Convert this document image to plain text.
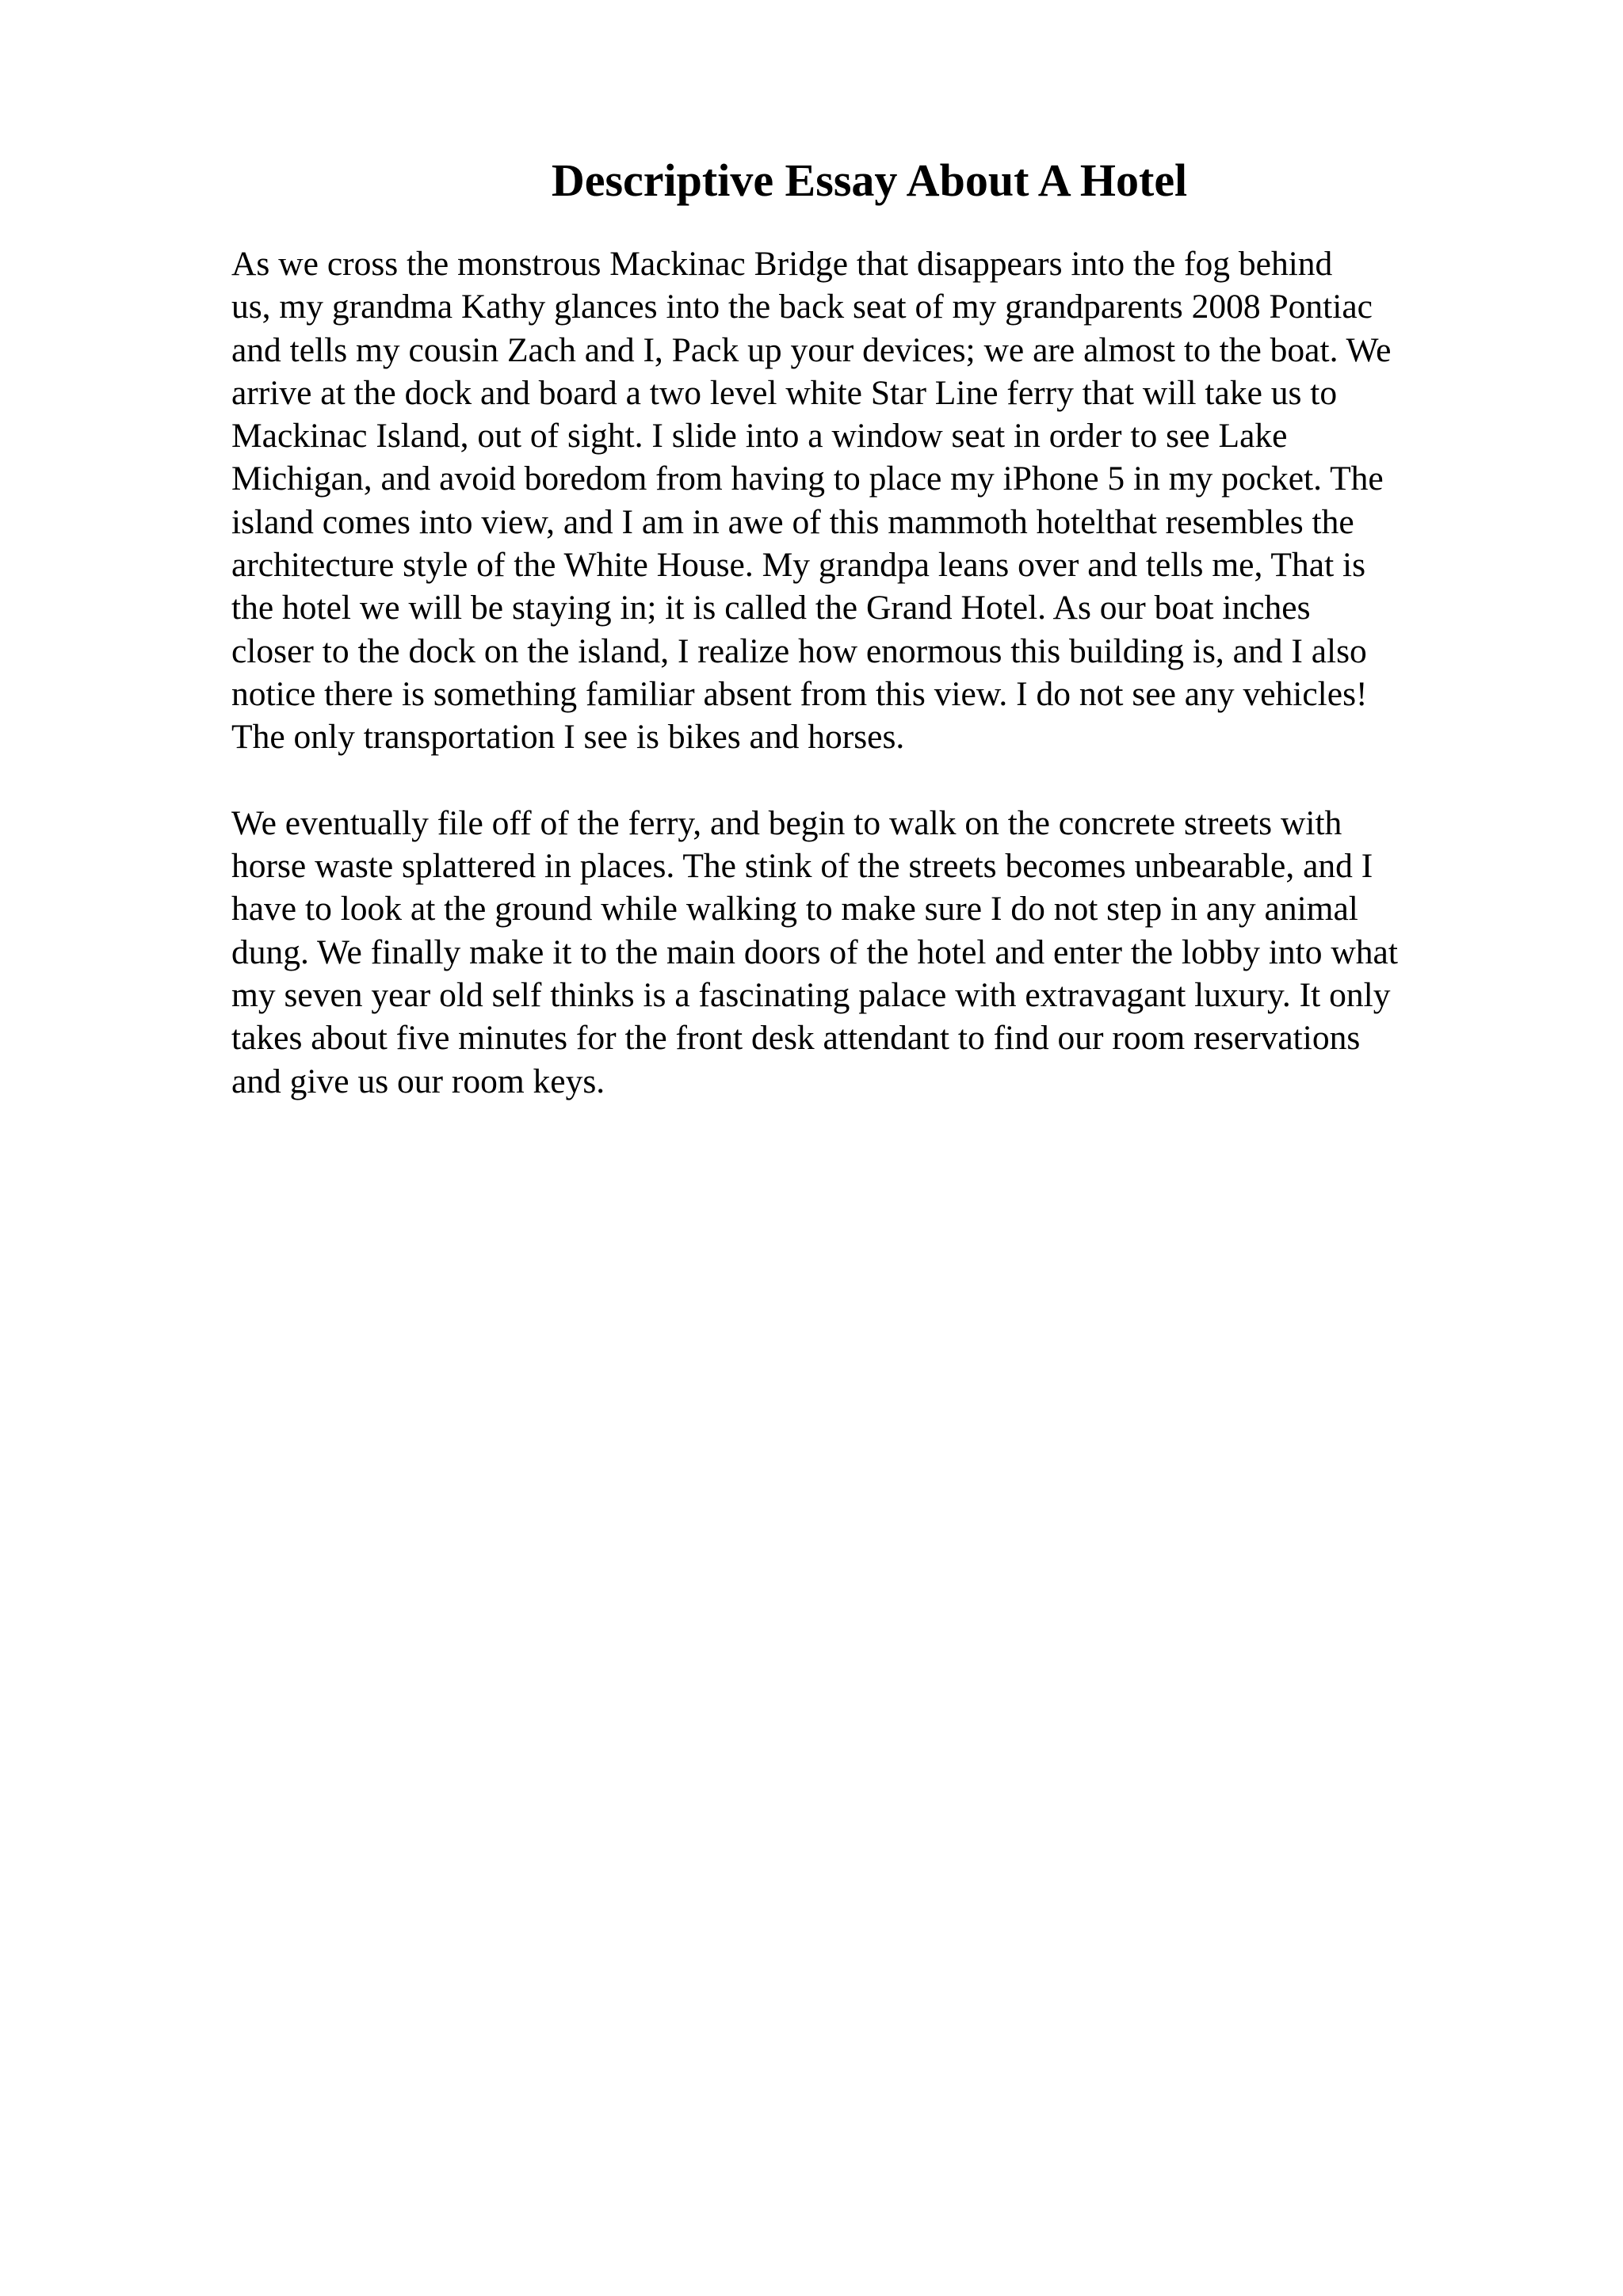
Descriptive Essay About A Hotel
As we cross the monstrous Mackinac Bridge that disappears into the fog behind
us, my grandma Kathy glances into the back seat of my grandparents 2008 Pontiac
and tells my cousin Zach and I, Pack up your devices; we are almost to the boat. We
arrive at the dock and board a two level white Star Line ferry that will take us to
Mackinac Island, out of sight. I slide into a window seat in order to see Lake
Michigan, and avoid boredom from having to place my iPhone 5 in my pocket. The
island comes into view, and I am in awe of this mammoth hotelthat resembles the
architecture style of the White House. My grandpa leans over and tells me, That is
the hotel we will be staying in; it is called the Grand Hotel. As our boat inches
closer to the dock on the island, I realize how enormous this building is, and I also
notice there is something familiar absent from this view. I do not see any vehicles!
The only transportation I see is bikes and horses.
We eventually file off of the ferry, and begin to walk on the concrete streets with
horse waste splattered in places. The stink of the streets becomes unbearable, and I
have to look at the ground while walking to make sure I do not step in any animal
dung. We finally make it to the main doors of the hotel and enter the lobby into what
my seven year old self thinks is a fascinating palace with extravagant luxury. It only
takes about five minutes for the front desk attendant to find our room reservations
and give us our room keys.
